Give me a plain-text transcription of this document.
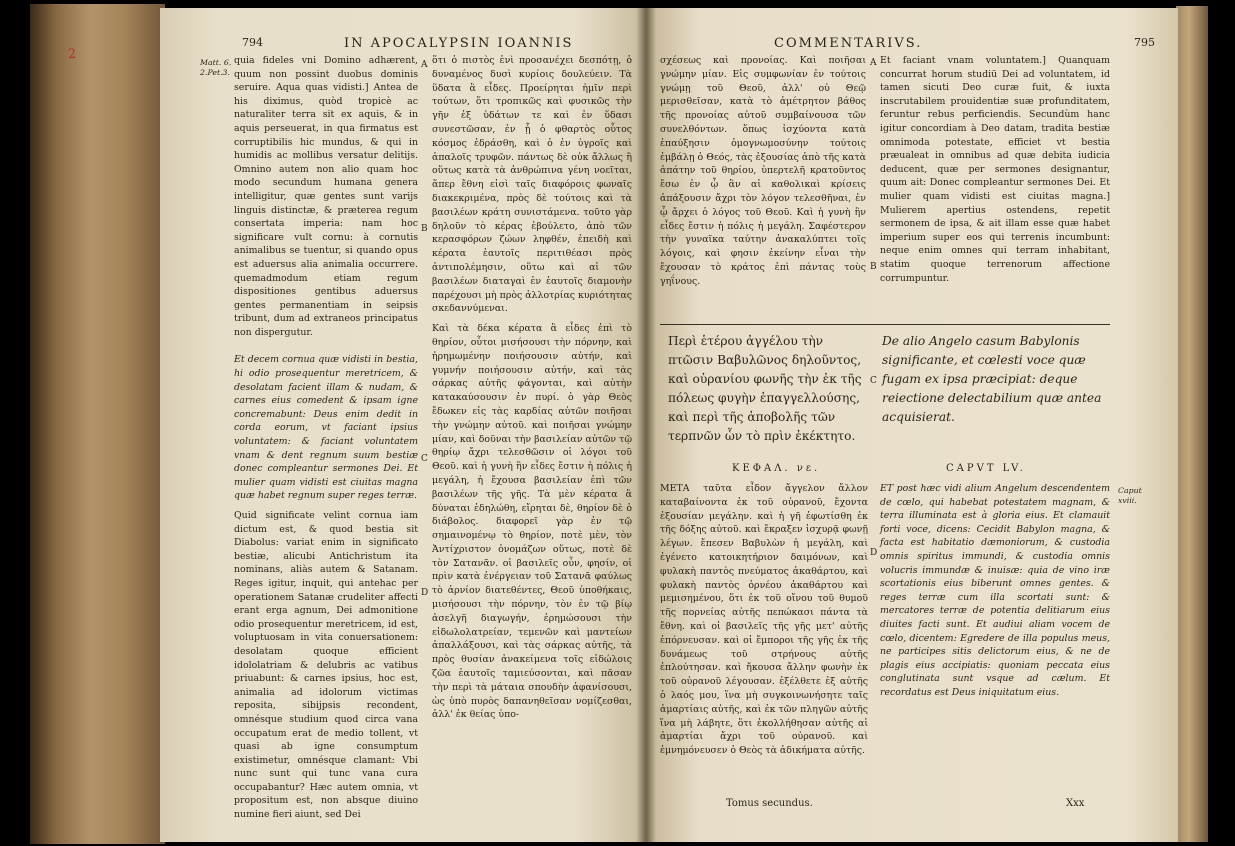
2
794	IN APOCALYPSIN IOANNIS
Matt. 6.
2.Pet.3.
A
B
C
D

quia fideles vni Domino adhærent, quum non possint duobus dominis seruire. Aqua quas vidisti.] Antea de his diximus, quòd tropicè ac naturaliter terra sit ex aquis, & in aquis perseuerat, in qua firmatus est corruptibilis hic mundus, & qui in humidis ac mollibus versatur delitijs. Omnino autem non alio quam hoc modo secundum humana genera intelligitur, quæ gentes sunt varijs linguis distinctæ, & præterea regum consertata imperia: nam hoc significare vult cornu: à cornutis animalibus se tuentur, si quando opus est aduersus alia animalia occurrere. quemadmodum etiam regum dispositiones gentibus aduersus gentes permanentiam in seipsis tribunt, dum ad extraneos principatus non dispergutur.

Et decem cornua quæ vidisti in bestia, hi odio prosequentur meretricem, & desolatam facient illam & nudam, & carnes eius comedent & ipsam igne concremabunt: Deus enim dedit in corda eorum, vt faciant ipsius voluntatem: & faciant voluntatem vnam & dent regnum suum bestiæ donec compleantur sermones Dei. Et mulier quam vidisti est ciuitas magna quæ habet regnum super reges terræ.

Quid significate velint cornua iam dictum est, & quod bestia sit Diabolus: variat enim in significato bestiæ, alicubi Antichristum ita nominans, aliàs autem & Satanam. Reges igitur, inquit, qui antehac per operationem Satanæ crudeliter affecti erant erga agnum, Dei admonitione odio prosequentur meretricem, id est, voluptuosam in vita conuersationem: desolatam quoque efficient idololatriam & delubris ac vatibus priuabunt: & carnes ipsius, hoc est, animalia ad idolorum victimas reposita, sibijpsis recondent, omnésque studium quod circa vana occupatum erat de medio tollent, vt quasi ab igne consumptum existimetur, omnésque clamant: Vbi nunc sunt qui tunc vana cura occupabantur? Hæc autem omnia, vt propositum est, non absque diuino numine fieri aiunt, sed Dei

ὅτι ὁ πιστὸς ἑνὶ προσανέχει δεσπότῃ, ὁ δυναμένος δυσὶ κυρίοις δουλεύειν. Τὰ ὕδατα ἃ εἶδες. Προείρηται ἡμῖν περὶ τούτων, ὅτι τροπικῶς καὶ φυσικῶς τὴν γῆν ἐξ ὑδάτων τε καὶ ἐν ὕδασι συνεστῶσαν, ἐν ᾗ ὁ φθαρτὸς οὗτος κόσμος ἐδράσθη, καὶ ὁ ἐν ὑγροῖς καὶ ἁπαλοῖς τρυφῶν. πάντως δὲ οὐκ ἄλλως ἢ οὕτως κατὰ τὰ ἀνθρώπινα γένη νοεῖται, ἅπερ ἔθνη εἰσὶ ταῖς διαφόροις φωναῖς διακεκριμένα, πρὸς δὲ τούτοις καὶ τὰ βασιλέων κράτη συνιστάμενα. τοῦτο γὰρ δηλοῦν τὸ κέρας ἐβούλετο, ἀπὸ τῶν κερασφόρων ζώων ληφθέν, ἐπειδὴ καὶ κέρατα ἑαυτοῖς περιτιθέασι πρὸς ἀντιπολέμησιν, οὕτω καὶ αἱ τῶν βασιλέων διαταγαὶ ἐν ἑαυτοῖς διαμονὴν παρέχουσι μὴ πρὸς ἀλλοτρίας κυριότητας σκεδαννύμεναι.

Καὶ τὰ δέκα κέρατα ἃ εἶδες ἐπὶ τὸ θηρίον, οὗτοι μισήσουσι τὴν πόρνην, καὶ ἠρημωμένην ποιήσουσιν αὐτήν, καὶ γυμνήν ποιήσουσιν αὐτήν, καὶ τὰς σάρκας αὐτῆς φάγονται, καὶ αὐτὴν κατακαύσουσιν ἐν πυρί. ὁ γὰρ Θεὸς ἔδωκεν εἰς τὰς καρδίας αὐτῶν ποιῆσαι τὴν γνώμην αὐτοῦ. καὶ ποιῆσαι γνώμην μίαν, καὶ δοῦναι τὴν βασιλείαν αὐτῶν τῷ θηρίῳ ἄχρι τελεσθῶσιν οἱ λόγοι τοῦ Θεοῦ. καὶ ἡ γυνὴ ἣν εἶδες ἔστιν ἡ πόλις ἡ μεγάλη, ἡ ἔχουσα βασιλείαν ἐπὶ τῶν βασιλέων τῆς γῆς. Τὰ μὲν κέρατα ἃ δύναται ἐδηλώθη, εἴρηται δὲ, θηρίον δὲ ὁ διάβολος. διαφορεῖ γὰρ ἐν τῷ σημαινομένῳ τὸ θηρίον, ποτὲ μὲν, τὸν Ἀντίχριστον ὀνομάζων οὕτως, ποτὲ δὲ τὸν Σατανᾶν. οἱ βασιλεῖς οὖν, φησίν, οἱ πρὶν κατὰ ἐνέργειαν τοῦ Σατανᾶ φαύλως τὸ ἀρνίον διατεθέντες, Θεοῦ ὑποθήκαις, μισήσουσι τὴν πόρνην, τὸν ἐν τῷ βίῳ ἀσελγῆ διαγωγήν, ἐρημώσουσι τὴν εἰδωλολατρείαν, τεμενῶν καὶ μαντείων ἀπαλλάξουσι, καὶ τὰς σάρκας αὐτῆς, τὰ πρὸς θυσίαν ἀνακείμενα τοῖς εἰδώλοις ζῶα ἑαυτοῖς ταμιεύσονται, καὶ πᾶσαν τὴν περὶ τὰ μάταια σπουδὴν ἀφανίσουσι, ὡς ὑπὸ πυρὸς δαπανηθεῖσαν νομίζεσθαι, ἀλλ' ἐκ θείας ὑπο-

COMMENTARIVS.	795

σχέσεως καὶ προνοίας. Καὶ ποιῆσαι γνώμην μίαν. Εἰς συμφωνίαν ἐν τούτοις γνώμῃ τοῦ Θεοῦ, ἀλλ' οὐ Θεῷ μερισθεῖσαν, κατὰ τὸ ἀμέτρητον βάθος τῆς προνοίας αὐτοῦ συμβαίνουσα τῶν συνελθόντων. ὅπως ἰσχύοντα κατὰ ἐπαύξησιν ὁμογνωμοσύνην τούτοις ἐμβάλῃ ὁ Θεός, τὰς ἐξουσίας ἀπὸ τῆς κατὰ ἀπάτην τοῦ θηρίου, ὑπερτελῆ κρατοῦντος ἔσω ἐν ᾧ ἂν αἱ καθολικαὶ κρίσεις ἀπάξουσιν ἄχρι τὸν λόγον τελεσθῆναι, ἐν ᾧ ἄρχει ὁ λόγος τοῦ Θεοῦ. Καὶ ἡ γυνὴ ἣν εἶδες ἔστιν ἡ πόλις ἡ μεγάλη. Σαφέστερον τὴν γυναῖκα ταύτην ἀνακαλύπτει τοῖς λόγοις, καὶ φησιν ἐκείνην εἶναι τὴν ἔχουσαν τὸ κράτος ἐπὶ πάντας τοὺς γηΐνους.

A
B

Et faciant vnam voluntatem.] Quanquam concurrat horum studiū Dei ad voluntatem, id tamen sicuti Deo curæ fuit, & iuxta inscrutabilem prouidentiæ suæ profunditatem, feruntur rebus perficiendis. Secundùm hanc igitur concordiam à Deo datam, tradita bestiæ omnimoda potestate, efficiet vt bestia præualeat in omnibus ad quæ debita iudicia deducent, quæ per sermones designantur, quum ait: Donec compleantur sermones Dei. Et mulier quam vidisti est ciuitas magna.] Mulierem apertius ostendens, repetit sermonem de ipsa, & ait illam esse quæ habet imperium super eos qui terrenis incumbunt: neque enim omnes qui terram inhabitant, statim quoque terrenorum affectione corrumpuntur.

Περὶ ἑτέρου ἀγγέλου τὴν πτῶσιν Βαβυλῶνος δηλοῦντος, καὶ οὐρανίου φωνῆς τὴν ἐκ τῆς πόλεως φυγὴν ἐπαγγελλούσης, καὶ περὶ τῆς ἀποβολῆς τῶν τερπνῶν ὧν τὸ πρὶν ἐκέκτητο.
C
De alio Angelo casum Babylonis significante, et cœlesti voce quæ fugam ex ipsa præcipiat: deque reiectione delectabilium quæ antea acquisierat.
ΚΕΦΑΛ. νε.	CAPVT LV.

ΜΕΤΑ ταῦτα εἶδον ἄγγελον ἄλλον καταβαίνοντα ἐκ τοῦ οὐρανοῦ, ἔχοντα ἐξουσίαν μεγάλην. καὶ ἡ γῆ ἐφωτίσθη ἐκ τῆς δόξης αὐτοῦ. καὶ ἔκραξεν ἰσχυρᾷ φωνῇ λέγων. ἔπεσεν Βαβυλὼν ἡ μεγάλη, καὶ ἐγένετο κατοικητήριον δαιμόνων, καὶ φυλακὴ παντὸς πνεύματος ἀκαθάρτου, καὶ φυλακὴ παντὸς ὀρνέου ἀκαθάρτου καὶ μεμισημένου, ὅτι ἐκ τοῦ οἴνου τοῦ θυμοῦ τῆς πορνείας αὐτῆς πεπώκασι πάντα τὰ ἔθνη. καὶ οἱ βασιλεῖς τῆς γῆς μετ' αὐτῆς ἐπόρνευσαν. καὶ οἱ ἔμποροι τῆς γῆς ἐκ τῆς δυνάμεως τοῦ στρήνους αὐτῆς ἐπλούτησαν. καὶ ἤκουσα ἄλλην φωνὴν ἐκ τοῦ οὐρανοῦ λέγουσαν. ἐξέλθετε ἐξ αὐτῆς ὁ λαός μου, ἵνα μὴ συγκοινωνήσητε ταῖς ἁμαρτίαις αὐτῆς, καὶ ἐκ τῶν πληγῶν αὐτῆς ἵνα μὴ λάβητε, ὅτι ἐκολλήθησαν αὐτῆς αἱ ἁμαρτίαι ἄχρι τοῦ οὐρανοῦ. καὶ ἐμνημόνευσεν ὁ Θεὸς τὰ ἀδικήματα αὐτῆς.

D

ET post hæc vidi alium Angelum descendentem de cœlo, qui habebat potestatem magnam, & terra illuminata est à gloria eius. Et clamauit forti voce, dicens: Cecidit Babylon magna, & facta est habitatio dæmoniorum, & custodia omnis spiritus immundi, & custodia omnis volucris immundæ & inuisæ: quia de vino iræ scortationis eius biberunt omnes gentes. & reges terræ cum illa scortati sunt: & mercatores terræ de potentia delitiarum eius diuites facti sunt. Et audiui aliam vocem de cœlo, dicentem: Egredere de illa populus meus, ne participes sitis delictorum eius, & ne de plagis eius accipiatis: quoniam peccata eius conglutinata sunt vsque ad cælum. Et recordatus est Deus iniquitatum eius.

Caput
xviii.
Tomus secundus.	Xxx
